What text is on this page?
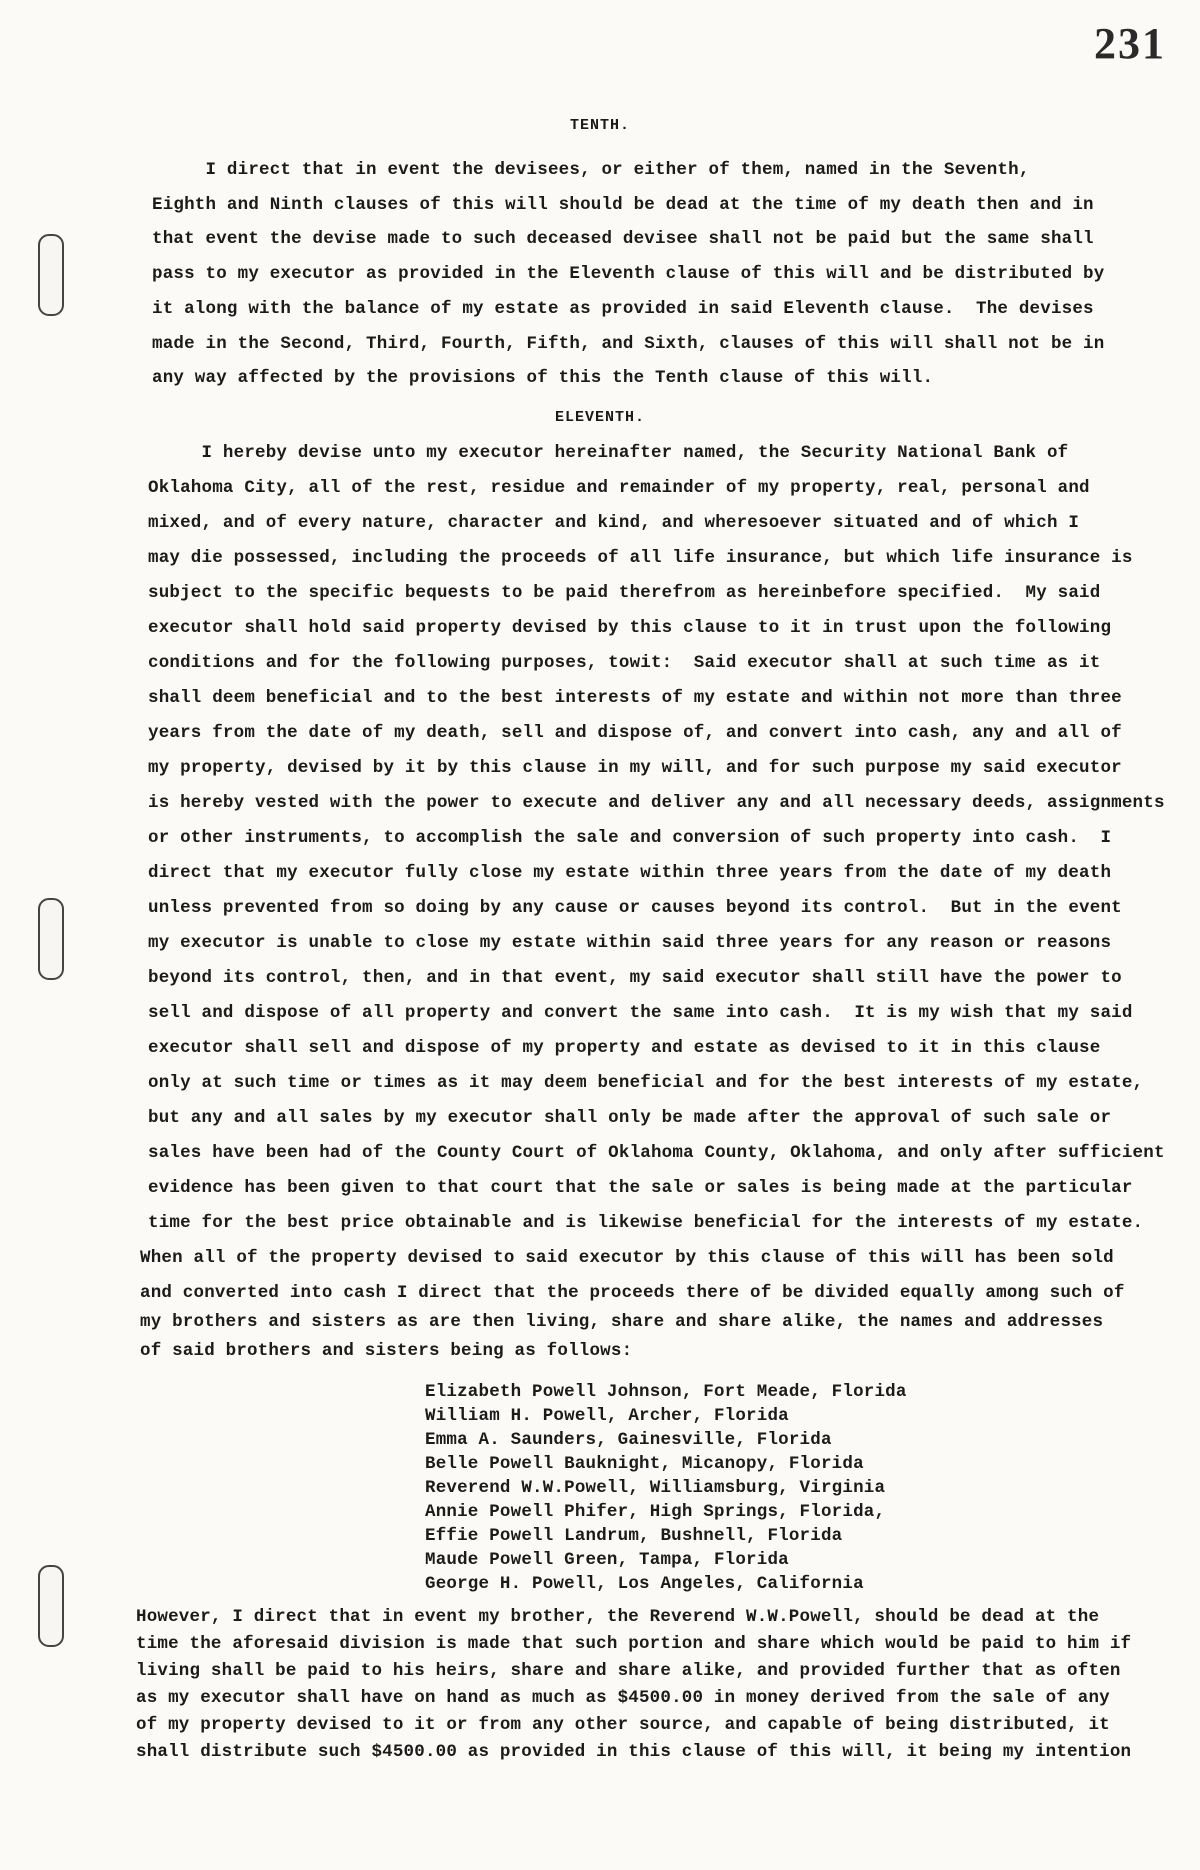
231
TENTH.
I direct that in event the devisees, or either of them, named in the Seventh,
Eighth and Ninth clauses of this will should be dead at the time of my death then and in
that event the devise made to such deceased devisee shall not be paid but the same shall
pass to my executor as provided in the Eleventh clause of this will and be distributed by
it along with the balance of my estate as provided in said Eleventh clause.  The devises
made in the Second, Third, Fourth, Fifth, and Sixth, clauses of this will shall not be in
any way affected by the provisions of this the Tenth clause of this will.
ELEVENTH.
I hereby devise unto my executor hereinafter named, the Security National Bank of
Oklahoma City, all of the rest, residue and remainder of my property, real, personal and
mixed, and of every nature, character and kind, and wheresoever situated and of which I
may die possessed, including the proceeds of all life insurance, but which life insurance is
subject to the specific bequests to be paid therefrom as hereinbefore specified.  My said
executor shall hold said property devised by this clause to it in trust upon the following
conditions and for the following purposes, towit:  Said executor shall at such time as it
shall deem beneficial and to the best interests of my estate and within not more than three
years from the date of my death, sell and dispose of, and convert into cash, any and all of
my property, devised by it by this clause in my will, and for such purpose my said executor
is hereby vested with the power to execute and deliver any and all necessary deeds, assignments
or other instruments, to accomplish the sale and conversion of such property into cash.  I
direct that my executor fully close my estate within three years from the date of my death
unless prevented from so doing by any cause or causes beyond its control.  But in the event
my executor is unable to close my estate within said three years for any reason or reasons
beyond its control, then, and in that event, my said executor shall still have the power to
sell and dispose of all property and convert the same into cash.  It is my wish that my said
executor shall sell and dispose of my property and estate as devised to it in this clause
only at such time or times as it may deem beneficial and for the best interests of my estate,
but any and all sales by my executor shall only be made after the approval of such sale or
sales have been had of the County Court of Oklahoma County, Oklahoma, and only after sufficient
evidence has been given to that court that the sale or sales is being made at the particular
time for the best price obtainable and is likewise beneficial for the interests of my estate.
When all of the property devised to said executor by this clause of this will has been sold
and converted into cash I direct that the proceeds there of be divided equally among such of
my brothers and sisters as are then living, share and share alike, the names and addresses
of said brothers and sisters being as follows:
Elizabeth Powell Johnson, Fort Meade, Florida
William H. Powell, Archer, Florida
Emma A. Saunders, Gainesville, Florida
Belle Powell Bauknight, Micanopy, Florida
Reverend W.W.Powell, Williamsburg, Virginia
Annie Powell Phifer, High Springs, Florida,
Effie Powell Landrum, Bushnell, Florida
Maude Powell Green, Tampa, Florida
George H. Powell, Los Angeles, California
However, I direct that in event my brother, the Reverend W.W.Powell, should be dead at the
time the aforesaid division is made that such portion and share which would be paid to him if
living shall be paid to his heirs, share and share alike, and provided further that as often
as my executor shall have on hand as much as $4500.00 in money derived from the sale of any
of my property devised to it or from any other source, and capable of being distributed, it
shall distribute such $4500.00 as provided in this clause of this will, it being my intention
